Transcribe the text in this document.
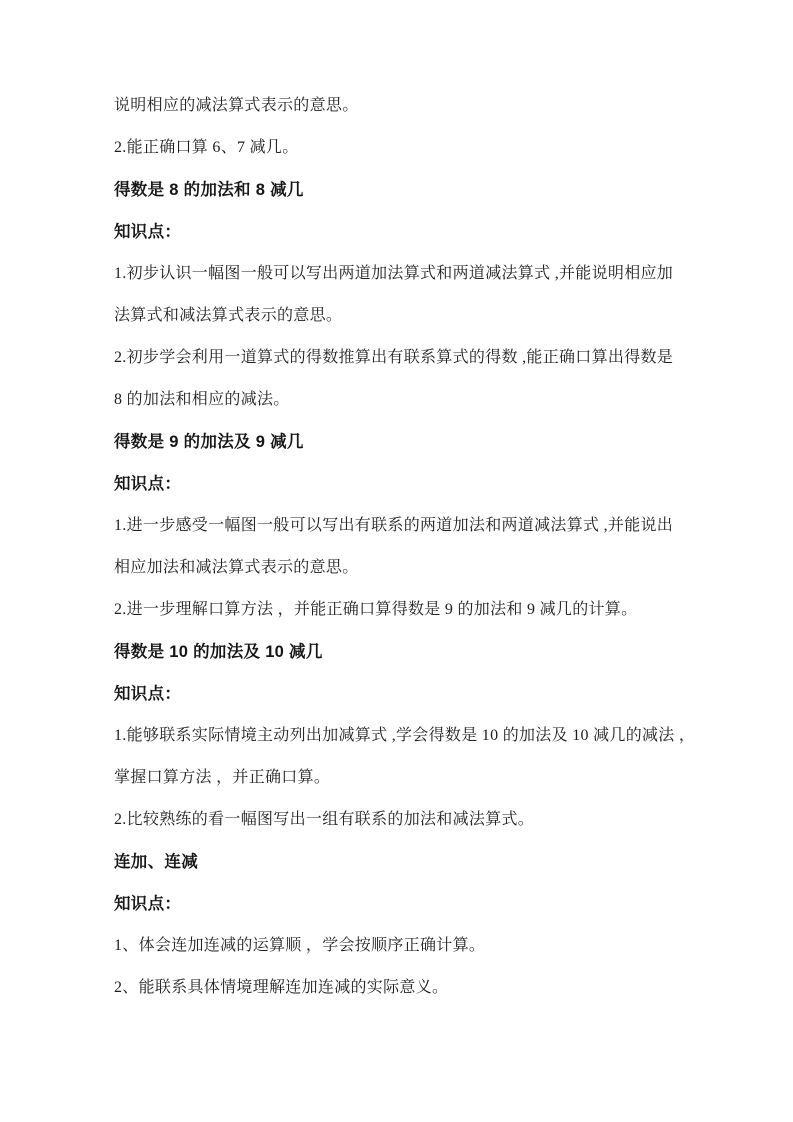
说明相应的减法算式表示的意思。
2.能正确口算 6、7 减几。
得数是 8 的加法和 8 减几
知识点：
1.初步认识一幅图一般可以写出两道加法算式和两道减法算式 ,并能说明相应加
法算式和减法算式表示的意思。
2.初步学会利用一道算式的得数推算出有联系算式的得数 ,能正确口算出得数是
8 的加法和相应的减法。
得数是 9 的加法及 9 减几
知识点：
1.进一步感受一幅图一般可以写出有联系的两道加法和两道减法算式 ,并能说出
相应加法和减法算式表示的意思。
2.进一步理解口算方法 ，并能正确口算得数是 9 的加法和 9 减几的计算。
得数是 10 的加法及 10 减几
知识点：
1.能够联系实际情境主动列出加减算式 ,学会得数是 10 的加法及 10 减几的减法 ，
掌握口算方法 ，并正确口算。
2.比较熟练的看一幅图写出一组有联系的加法和减法算式。
连加、连减
知识点：
1、体会连加连减的运算顺 ，学会按顺序正确计算。
2、能联系具体情境理解连加连减的实际意义。
